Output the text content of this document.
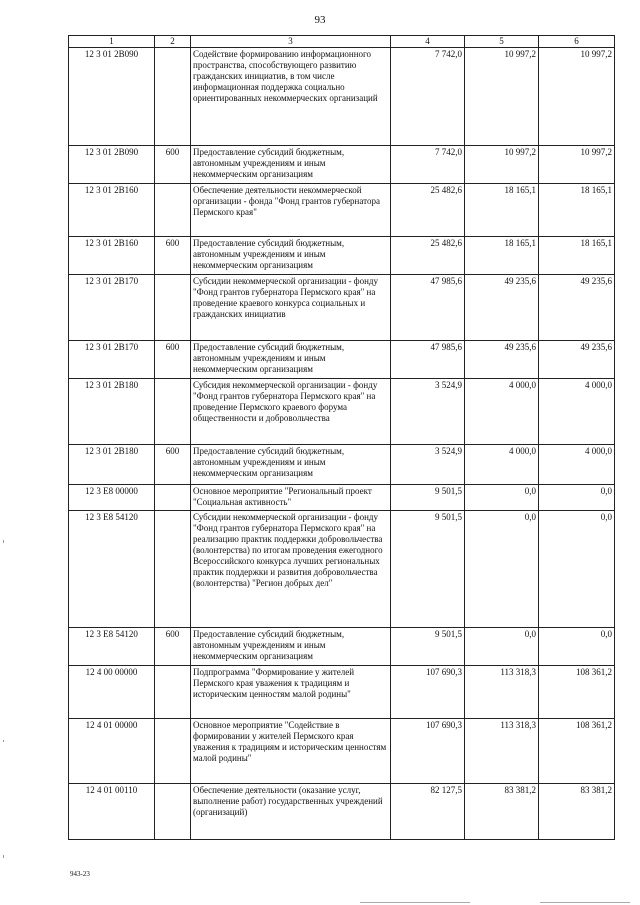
93
1	2	3	4	5	6
12 3 01 2В090		Содействие формированию информационного пространства, способствующего развитию гражданских инициатив, в том числе информационная поддержка социально ориентированных некоммерческих организаций	7 742,0	10 997,2	10 997,2
12 3 01 2В090	600	Предоставление субсидий бюджетным, автономным учреждениям и иным некоммерческим организациям	7 742,0	10 997,2	10 997,2
12 3 01 2В160		Обеспечение деятельности некоммерческой организации - фонда "Фонд грантов губернатора Пермского края"	25 482,6	18 165,1	18 165,1
12 3 01 2В160	600	Предоставление субсидий бюджетным, автономным учреждениям и иным некоммерческим организациям	25 482,6	18 165,1	18 165,1
12 3 01 2В170		Субсидии некоммерческой организации - фонду "Фонд грантов губернатора Пермского края" на проведение краевого конкурса социальных и гражданских инициатив	47 985,6	49 235,6	49 235,6
12 3 01 2В170	600	Предоставление субсидий бюджетным, автономным учреждениям и иным некоммерческим организациям	47 985,6	49 235,6	49 235,6
12 3 01 2В180		Субсидия некоммерческой организации - фонду "Фонд грантов губернатора Пермского края" на проведение Пермского краевого форума общественности и добровольчества	3 524,9	4 000,0	4 000,0
12 3 01 2В180	600	Предоставление субсидий бюджетным, автономным учреждениям и иным некоммерческим организациям	3 524,9	4 000,0	4 000,0
12 3 Е8 00000		Основное мероприятие "Региональный проект "Социальная активность"	9 501,5	0,0	0,0
12 3 Е8 54120		Субсидии некоммерческой организации - фонду "Фонд грантов губернатора Пермского края" на реализацию практик поддержки добровольчества (волонтерства) по итогам проведения ежегодного Всероссийского конкурса лучших региональных практик поддержки и развития добровольчества (волонтерства) "Регион добрых дел"	9 501,5	0,0	0,0
12 3 Е8 54120	600	Предоставление субсидий бюджетным, автономным учреждениям и иным некоммерческим организациям	9 501,5	0,0	0,0
12 4 00 00000		Подпрограмма "Формирование у жителей Пермского края уважения к традициям и историческим ценностям малой родины"	107 690,3	113 318,3	108 361,2
12 4 01 00000		Основное мероприятие "Содействие в формировании у жителей Пермского края уважения к традициям и историческим ценностям малой родины"	107 690,3	113 318,3	108 361,2
12 4 01 00110		Обеспечение деятельности (оказание услуг, выполнение работ) государственных учреждений (организаций)	82 127,5	83 381,2	83 381,2
943-23
